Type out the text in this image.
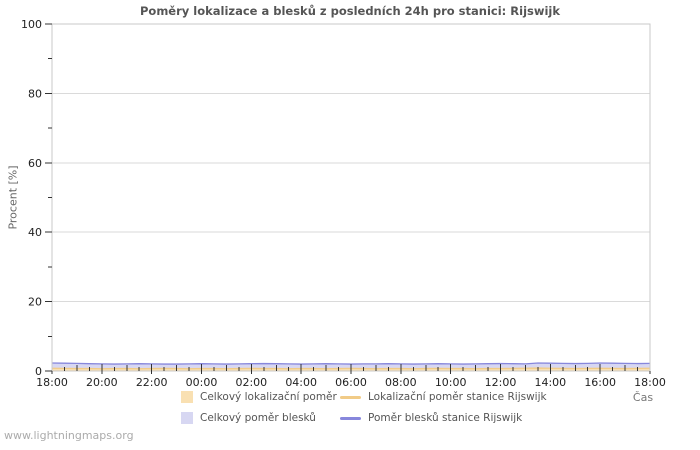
Poměry lokalizace a blesků z posledních 24h pro stanici: Rijswijk
Procent [%]
18:00 20:00 22:00 00:00 02:00 04:00 06:00 08:00 10:00 12:00 14:00 16:00 18:00
0
20
40
60
80
100
Čas
Celkový lokalizační poměr
Celkový poměr blesků
Lokalizační poměr stanice Rijswijk
Poměr blesků stanice Rijswijk
www.lightningmaps.org
